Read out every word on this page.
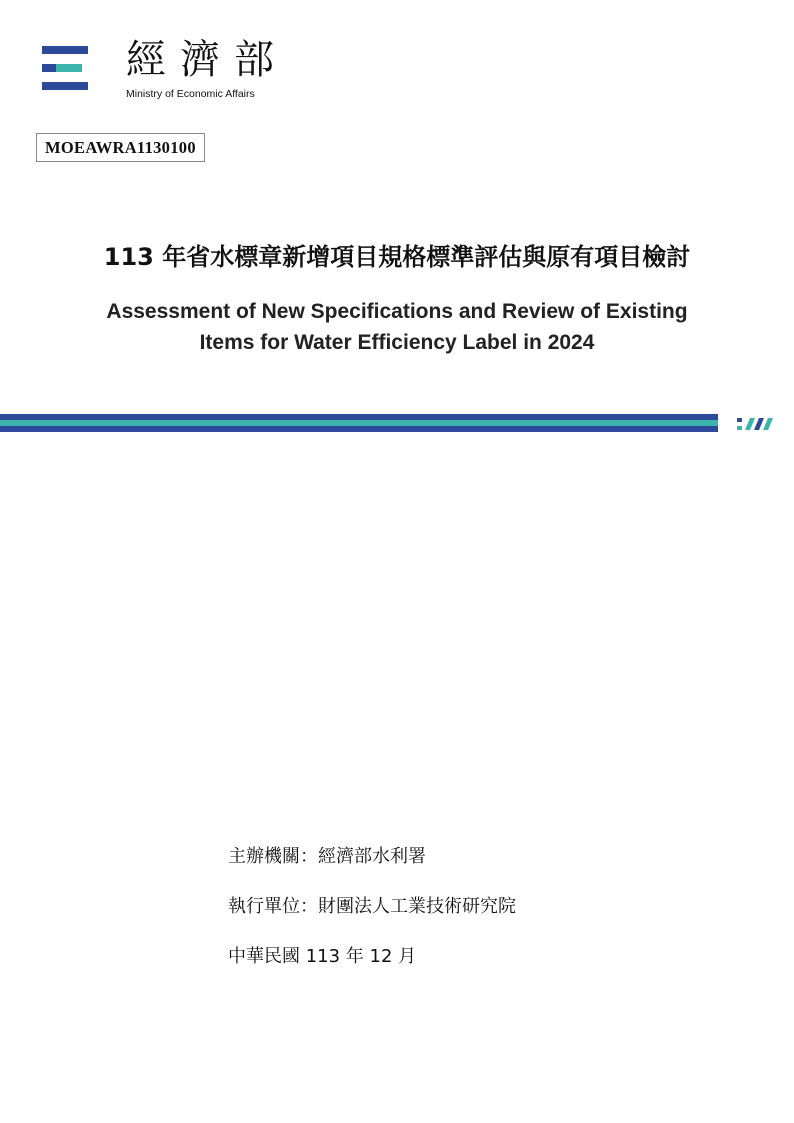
經濟部

Ministry of Economic Affairs

MOEAWRA1130100
113 年省水標章新增項目規格標準評估與原有項目檢討
Assessment of New Specifications and Review of Existing
Items for Water Efficiency Label in 2024

主辦機關：經濟部水利署

執行單位：財團法人工業技術研究院

中華民國 113 年 12 月
